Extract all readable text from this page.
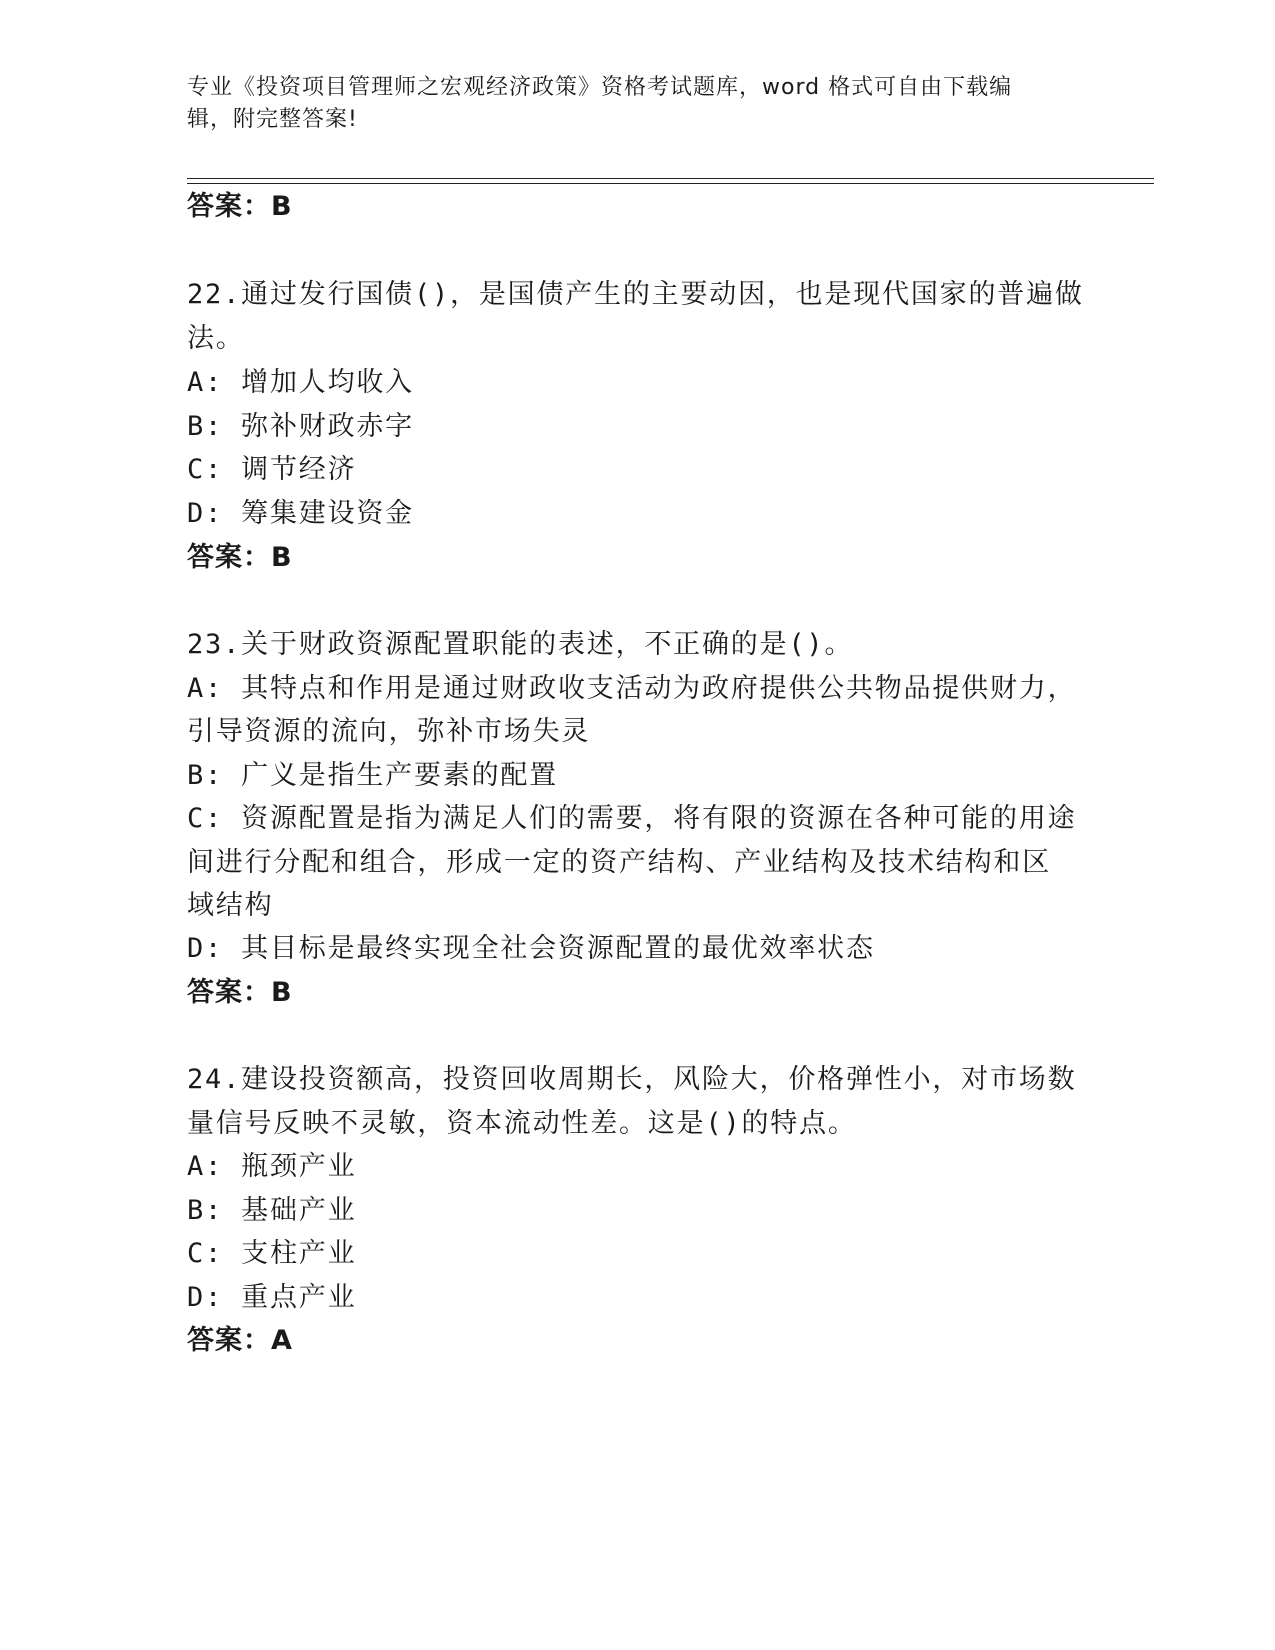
专业《投资项目管理师之宏观经济政策》资格考试题库，word 格式可自由下载编
辑，附完整答案!
答案：B
22.通过发行国债()，是国债产生的主要动因，也是现代国家的普遍做
法。
A: 增加人均收入
B: 弥补财政赤字
C: 调节经济
D: 筹集建设资金
答案：B
23.关于财政资源配置职能的表述，不正确的是()。
A: 其特点和作用是通过财政收支活动为政府提供公共物品提供财力，
引导资源的流向，弥补市场失灵
B: 广义是指生产要素的配置
C: 资源配置是指为满足人们的需要，将有限的资源在各种可能的用途
间进行分配和组合，形成一定的资产结构、产业结构及技术结构和区
域结构
D: 其目标是最终实现全社会资源配置的最优效率状态
答案：B
24.建设投资额高，投资回收周期长，风险大，价格弹性小，对市场数
量信号反映不灵敏，资本流动性差。这是()的特点。
A: 瓶颈产业
B: 基础产业
C: 支柱产业
D: 重点产业
答案：A
